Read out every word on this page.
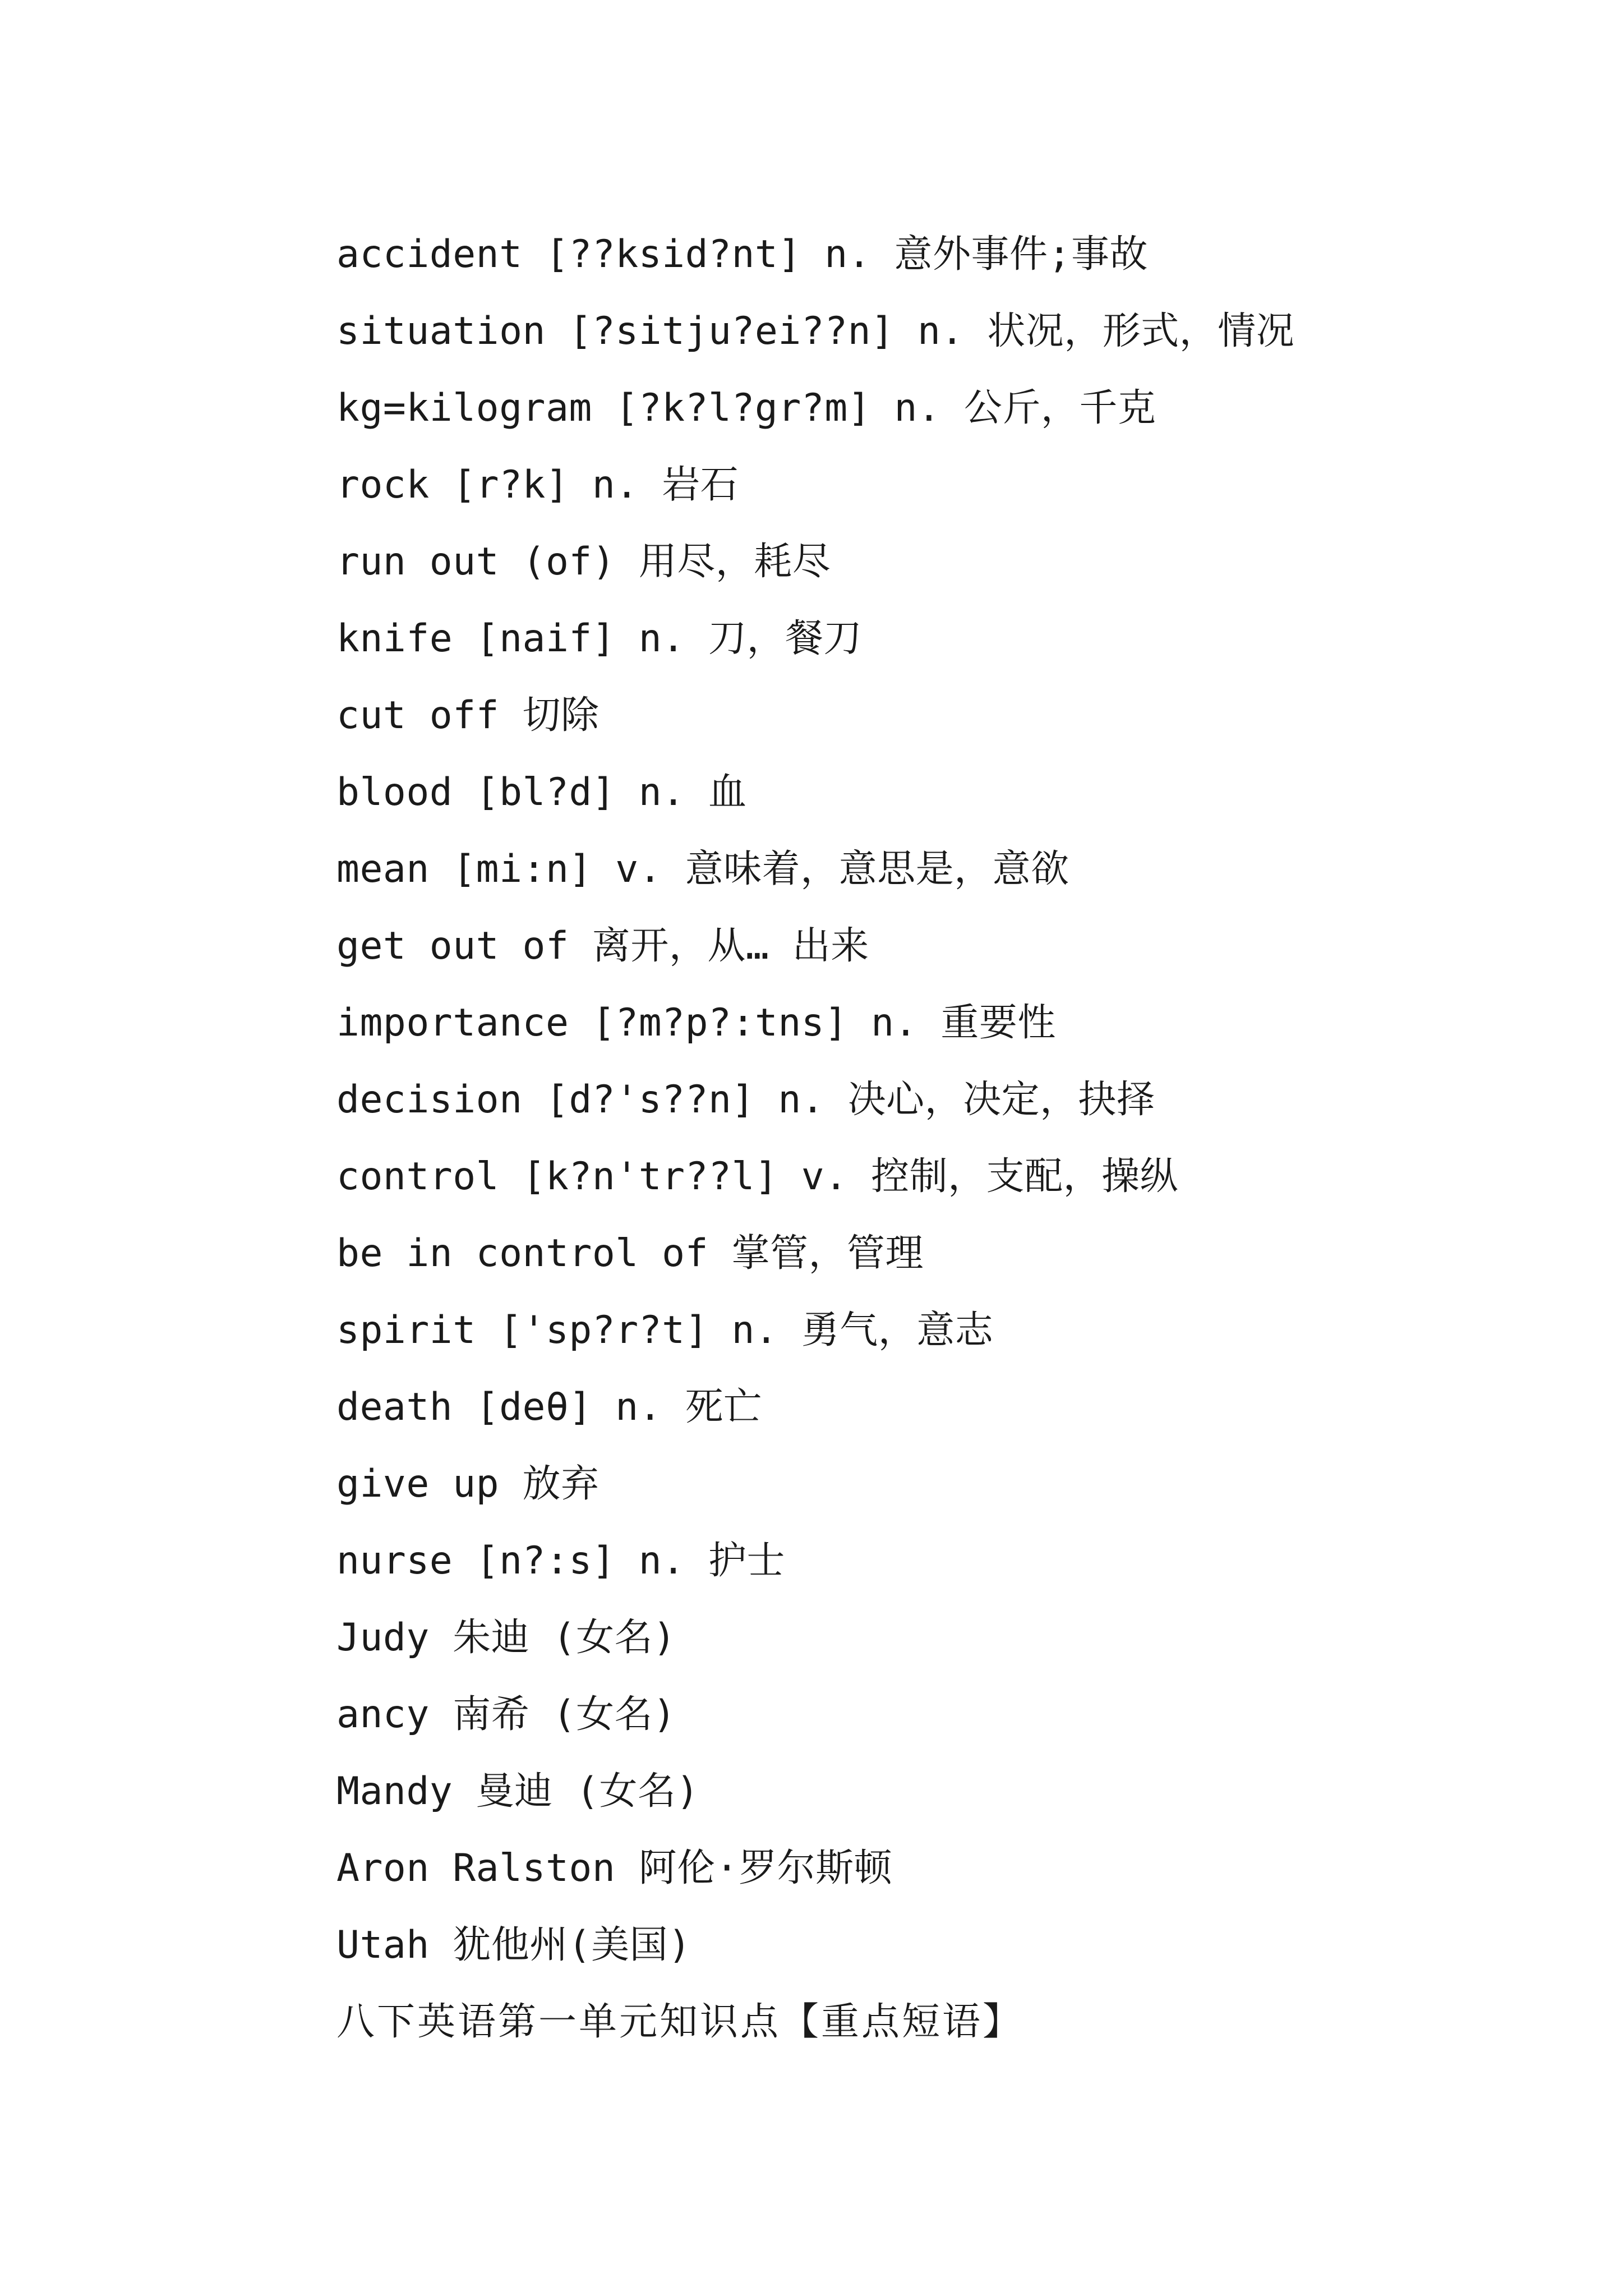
accident [??ksid?nt] n. 意外事件;事故
situation [?sitju?ei??n] n. 状况，形式，情况
kg=kilogram [?k?l?gr?m] n. 公斤，千克
rock [r?k] n. 岩石
run out (of) 用尽，耗尽
knife [naif] n. 刀，餐刀
cut off 切除
blood [bl?d] n. 血
mean [mi:n] v. 意味着，意思是，意欲
get out of 离开，从… 出来
importance [?m?p?:tns] n. 重要性
decision [d?'s??n] n. 决心，决定，抉择
control [k?n'tr??l] v. 控制，支配，操纵
be in control of 掌管，管理
spirit ['sp?r?t] n. 勇气，意志
death [deθ] n. 死亡
give up 放弃
nurse [n?:s] n. 护士
Judy 朱迪 (女名)
ancy 南希 (女名)
Mandy 曼迪 (女名)
Aron Ralston 阿伦·罗尔斯顿
Utah 犹他州(美国)
八下英语第一单元知识点【重点短语】
